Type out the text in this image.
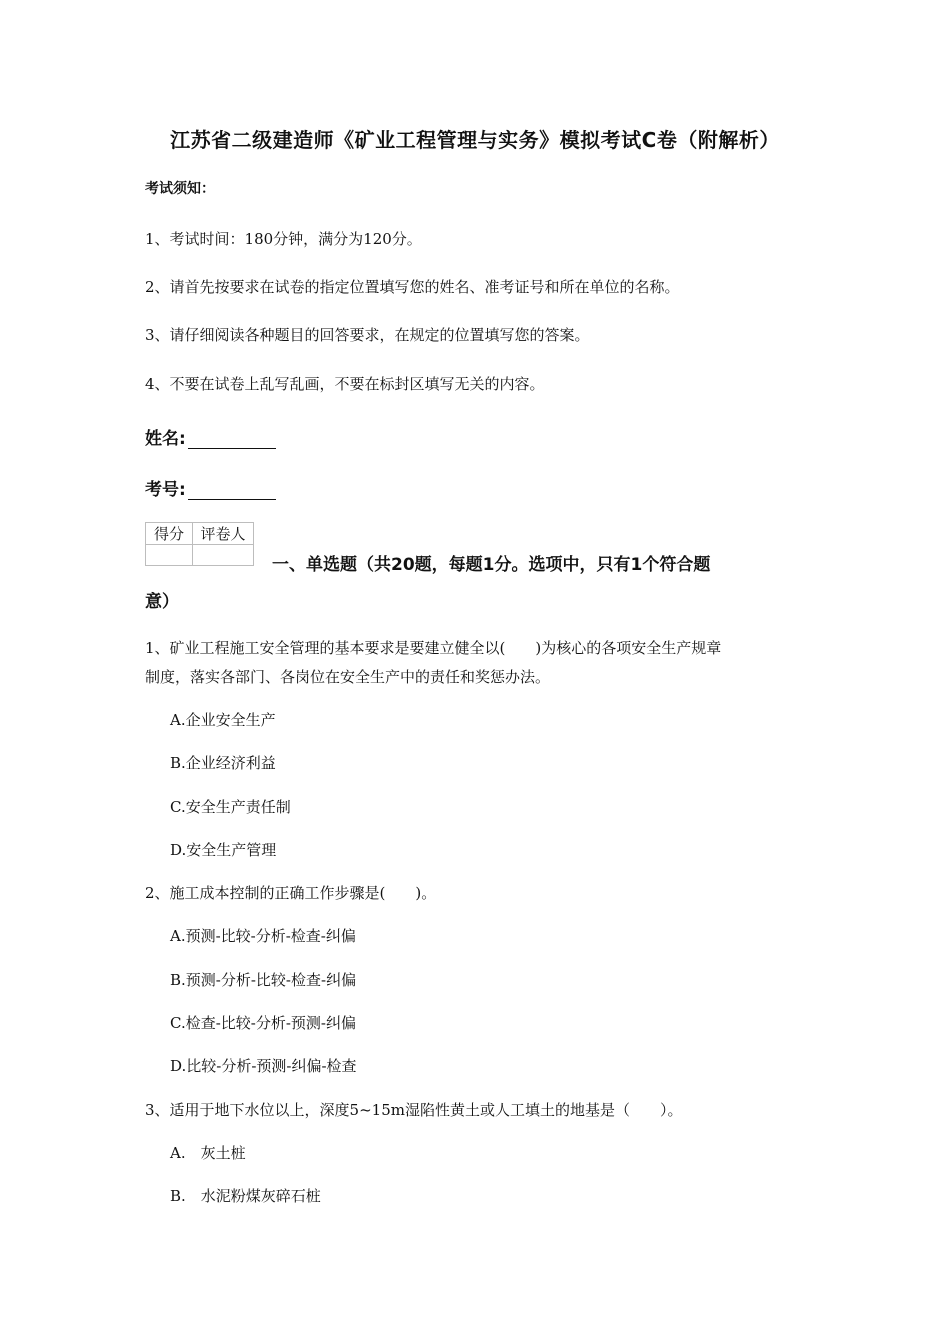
江苏省二级建造师《矿业工程管理与实务》模拟考试C卷（附解析）
考试须知：
1、考试时间：180分钟，满分为120分。
2、请首先按要求在试卷的指定位置填写您的姓名、准考证号和所在单位的名称。
3、请仔细阅读各种题目的回答要求，在规定的位置填写您的答案。
4、不要在试卷上乱写乱画，不要在标封区填写无关的内容。
姓名:
考号:
得分	评卷人

一、单选题（共20题，每题1分。选项中，只有1个符合题
意）
1、矿业工程施工安全管理的基本要求是要建立健全以(　　)为核心的各项安全生产规章
制度，落实各部门、各岗位在安全生产中的责任和奖惩办法。
A.企业安全生产
B.企业经济利益
C.安全生产责任制
D.安全生产管理
2、施工成本控制的正确工作步骤是(　　)。
A.预测-比较-分析-检查-纠偏
B.预测-分析-比较-检查-纠偏
C.检查-比较-分析-预测-纠偏
D.比较-分析-预测-纠偏-检查
3、适用于地下水位以上，深度5~15m湿陷性黄土或人工填土的地基是（　　）。
A.　灰土桩
B.　水泥粉煤灰碎石桩
